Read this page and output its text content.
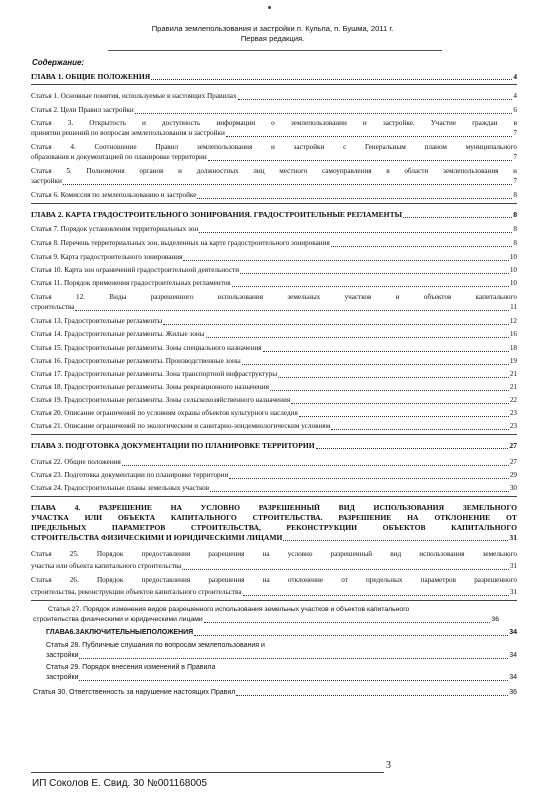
Правила землепользования и застройки п. Кульпа, п. Бушма, 2011 г.
Первая редакция.
Содержание:
ГЛАВА 1. ОБЩИЕ ПОЛОЖЕНИЯ	4
Статья 1. Основные понятия, используемые в настоящих Правилах	4
Статья 2. Цели Правил застройки	6
Статья 3. Открытость и доступность информации о землепользовании и застройке. Участие граждан в
принятии решений по вопросам землепользования и застройки	7
Статья 4. Соотношение Правил землепользования и застройки с Генеральным планом муниципального
образования и документацией по планировке территории	7
Статья 5. Полномочия органов и должностных лиц местного самоуправления в области землепользования и
застройки	7
Статья 6. Комиссия по землепользованию и застройке	8
ГЛАВА 2. КАРТА ГРАДОСТРОИТЕЛЬНОГО ЗОНИРОВАНИЯ. ГРАДОСТРОИТЕЛЬНЫЕ РЕГЛАМЕНТЫ	8
Статья 7. Порядок установления территориальных зон	8
Статья 8. Перечень территориальных зон, выделенных на карте градостроительного зонирования	8
Статья 9. Карта градостроительного зонирования	10
Статья 10. Карта зон ограничений градостроительной деятельности	10
Статья 11. Порядок применения градостроительных регламентов	10
Статья 12. Виды разрешенного использования земельных участков и объектов капитального
строительства	11
Статья 13. Градостроительные регламенты	12
Статья 14. Градостроительные регламенты. Жилые зоны	16
Статья 15. Градостроительные регламенты. Зоны специального назначения	18
Статья 16. Градостроительные регламенты. Производственные зоны	19
Статья 17. Градостроительные регламенты. Зона транспортной инфраструктуры	21
Статья 18. Градостроительные регламенты. Зоны рекреационного назначения	21
Статья 19. Градостроительные регламенты. Зоны сельскохозяйственного назначения	22
Статья 20. Описание ограничений по условиям охраны объектов культурного наследия	23
Статья 21. Описание ограничений по экологическим и санитарно-эпидемиологическим условиям	23
ГЛАВА 3. ПОДГОТОВКА ДОКУМЕНТАЦИИ ПО ПЛАНИРОВКЕ ТЕРРИТОРИИ	27
Статья 22. Общие положения	27
Статья 23. Подготовка документации по планировке территории	29
Статья 24. Градостроительные планы земельных участков	30
ГЛАВА 4. РАЗРЕШЕНИЕ НА УСЛОВНО РАЗРЕШЕННЫЙ ВИД ИСПОЛЬЗОВАНИЯ ЗЕМЕЛЬНОГО
УЧАСТКА ИЛИ ОБЪЕКТА КАПИТАЛЬНОГО СТРОИТЕЛЬСТВА. РАЗРЕШЕНИЕ НА ОТКЛОНЕНИЕ ОТ
ПРЕДЕЛЬНЫХ ПАРАМЕТРОВ СТРОИТЕЛЬСТВА, РЕКОНСТРУКЦИИ ОБЪЕКТОВ КАПИТАЛЬНОГО
СТРОИТЕЛЬСТВА ФИЗИЧЕСКИМИ И ЮРИДИЧЕСКИМИ ЛИЦАМИ	31
Статья 25. Порядок предоставления разрешения на условно разрешенный вид использования земельного
участка или объекта капитального строительства	31
Статья 26. Порядок предоставления разрешения на отклонение от предельных параметров разрешенного
строительства, реконструкции объектов капитального строительства	31
Статья 27. Порядок изменения видов разрешенного использования земельных участков и объектов капитального
строительства физическими и юридическими лицами	36
ГЛАВА6.ЗАКЛЮЧИТЕЛЬНЫЕПОЛОЖЕНИЯ	34
Статья 28. Публичные слушания по вопросам землепользования и
застройки	34
Статья 29. Порядок внесения изменений в Правила
застройки	34
Статья 30. Ответственность за нарушение настоящих Правил	36
3
ИП Соколов Е. Свид. 30 №001168005
